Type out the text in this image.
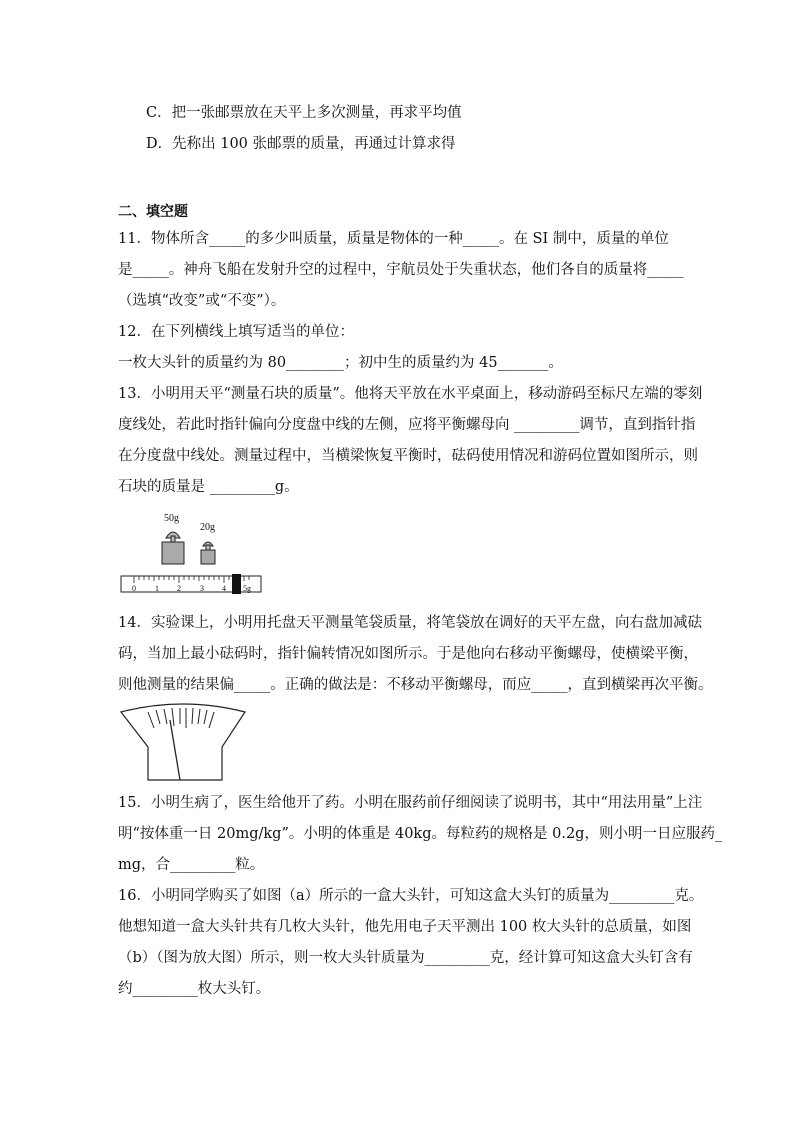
C．把一张邮票放在天平上多次测量，再求平均值
D．先称出 100 张邮票的质量，再通过计算求得
二、填空题
11．物体所含_____的多少叫质量，质量是物体的一种_____。在 SI 制中，质量的单位
是_____。神舟飞船在发射升空的过程中，宇航员处于失重状态，他们各自的质量将_____
（选填“改变”或“不变”）。
12．在下列横线上填写适当的单位：
一枚大头针的质量约为 80________；初中生的质量约为 45_______。
13．小明用天平“测量石块的质量”。他将天平放在水平桌面上，移动游码至标尺左端的零刻
度线处，若此时指针偏向分度盘中线的左侧，应将平衡螺母向 _________调节，直到指针指
在分度盘中线处。测量过程中，当横梁恢复平衡时，砝码使用情况和游码位置如图所示，则
石块的质量是 _________g。
50g
20g
0 1 2 3 4 5g
14．实验课上，小明用托盘天平测量笔袋质量，将笔袋放在调好的天平左盘，向右盘加减砝
码，当加上最小砝码时，指针偏转情况如图所示。于是他向右移动平衡螺母，使横梁平衡，
则他测量的结果偏_____。正确的做法是：不移动平衡螺母，而应_____，直到横梁再次平衡。
15．小明生病了，医生给他开了药。小明在服药前仔细阅读了说明书，其中“用法用量”上注
明“按体重一日 20mg/kg”。小明的体重是 40kg。每粒药的规格是 0.2g，则小明一日应服药_
mg，合_________粒。
16．小明同学购买了如图（a）所示的一盒大头针，可知这盒大头钉的质量为_________克。
他想知道一盒大头针共有几枚大头针，他先用电子天平测出 100 枚大头针的总质量，如图
（b）（图为放大图）所示，则一枚大头针质量为_________克，经计算可知这盒大头钉含有
约_________枚大头钉。
